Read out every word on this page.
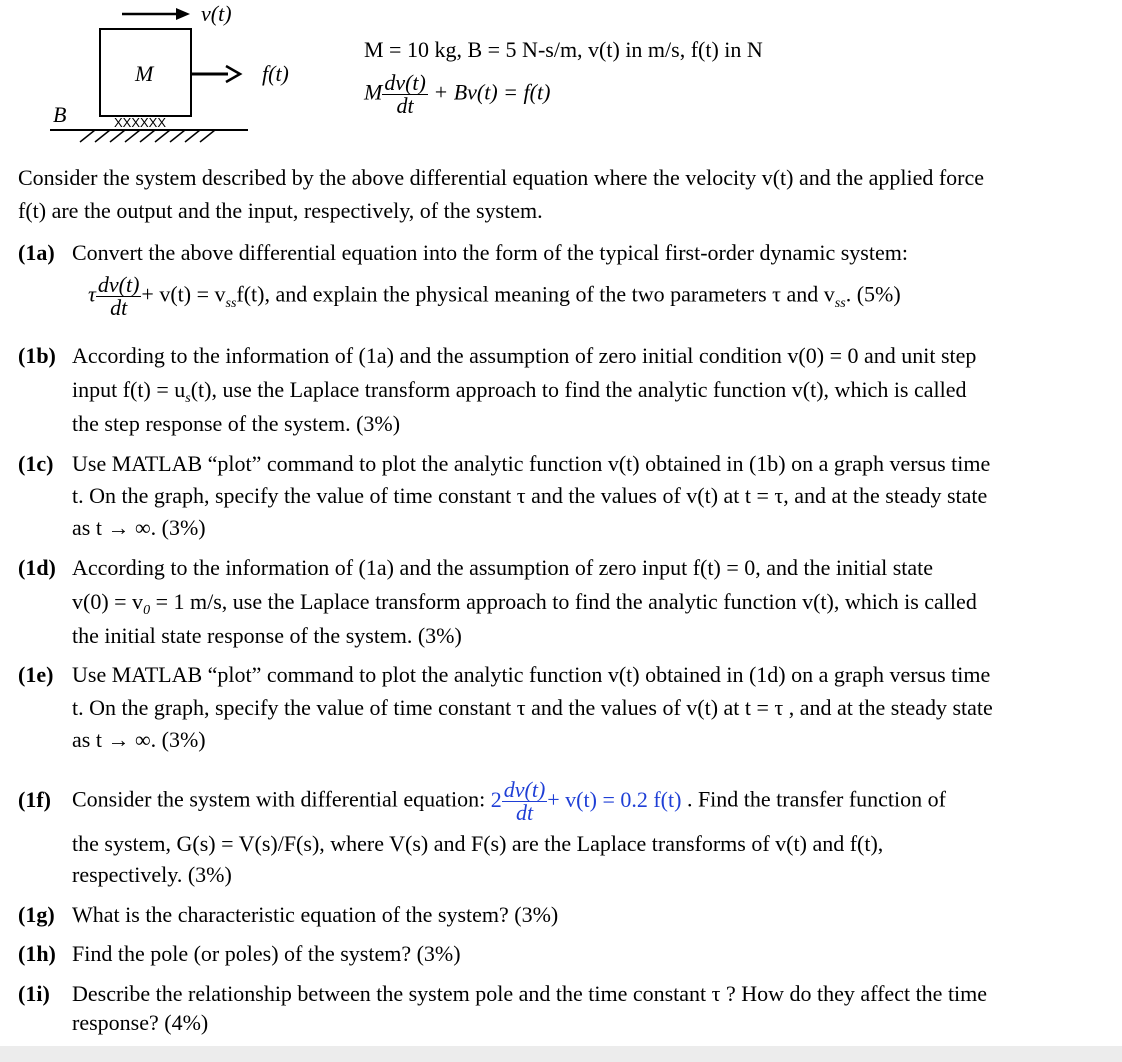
v(t)
M	f(t)
B	XXXXXX
M = 10 kg, B = 5 N-s/m, v(t) in m/s, f(t) in N
M $\frac{dv(t)}{dt} + Bv(t) = f(t)$
Consider the system described by the above differential equation where the velocity v(t) and the applied force
f(t) are the output and the input, respectively, of the system.
(1a) Convert the above differential equation into the form of the typical first-order dynamic system:
τ $\frac{dv(t)}{dt} + v(t) = v_{ss}f(t)$, and explain the physical meaning of the two parameters τ and $v_{ss}$. (5%)
(1b) According to the information of (1a) and the assumption of zero initial condition v(0) = 0 and unit step
input $f(t) = u_s(t)$, use the Laplace transform approach to find the analytic function v(t), which is called
the step response of the system. (3%)
(1c) Use MATLAB “plot” command to plot the analytic function v(t) obtained in (1b) on a graph versus time
t. On the graph, specify the value of time constant τ and the values of v(t) at t = τ, and at the steady state
as t → ∞. (3%)
(1d) According to the information of (1a) and the assumption of zero input f(t) = 0, and the initial state
$v(0) = v_0 = 1$ m/s, use the Laplace transform approach to find the analytic function v(t), which is called
the initial state response of the system. (3%)
(1e) Use MATLAB “plot” command to plot the analytic function v(t) obtained in (1d) on a graph versus time
t. On the graph, specify the value of time constant τ and the values of v(t) at t = τ , and at the steady state
as t → ∞. (3%)
(1f) Consider the system with differential equation: $2 \frac{dv(t)}{dt} + v(t) = 0.2$ f(t) . Find the transfer function of
the system, G(s) = V(s)/F(s), where V(s) and F(s) are the Laplace transforms of v(t) and f(t),
respectively. (3%)
(1g) What is the characteristic equation of the system? (3%)
(1h) Find the pole (or poles) of the system? (3%)
(1i) Describe the relationship between the system pole and the time constant τ ? How do they affect the time
response? (4%)
